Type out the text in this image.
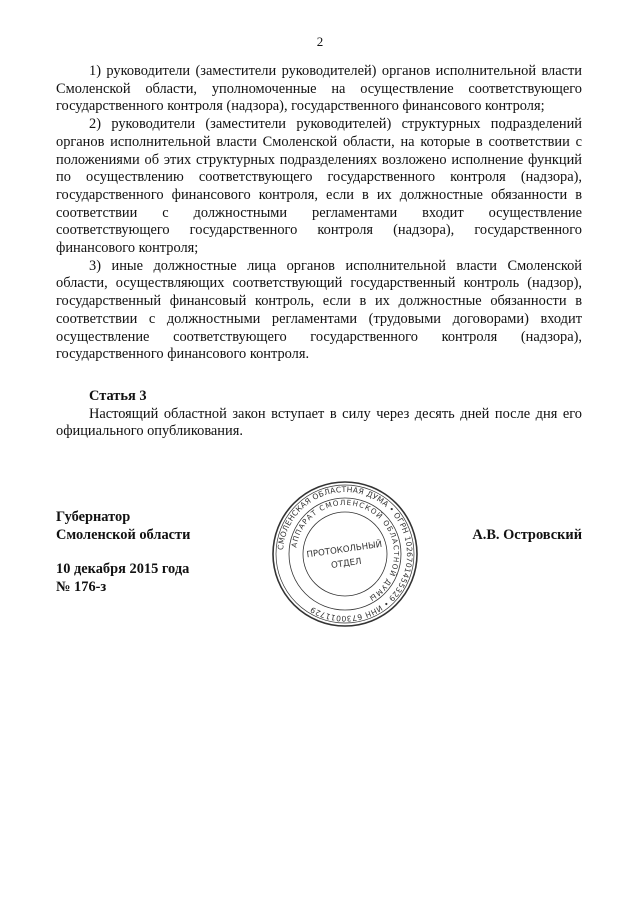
2

1) руководители (заместители руководителей) органов исполнительной власти Смоленской области, уполномоченные на осуществление соответствующего государственного контроля (надзора), государственного финансового контроля;

2) руководители (заместители руководителей) структурных подразделений органов исполнительной власти Смоленской области, на которые в соответствии с положениями об этих структурных подразделениях возложено исполнение функций по осуществлению соответствующего государственного контроля (надзора), государственного финансового контроля, если в их должностные обязанности в соответствии с должностными регламентами входит осуществление соответствующего государственного контроля (надзора), государственного финансового контроля;

3) иные должностные лица органов исполнительной власти Смоленской области, осуществляющих соответствующий государственный контроль (надзор), государственный финансовый контроль, если в их должностные обязанности в соответствии с должностными регламентами (трудовыми договорами) входит осуществление соответствующего государственного контроля (надзора), государственного финансового контроля.

Статья 3

Настоящий областной закон вступает в силу через десять дней после дня его официального опубликования.

Губернатор
Смоленской области
10 декабря 2015 года
№ 176-з
А.В. Островский
СМОЛЕНСКАЯ ОБЛАСТНАЯ ДУМА • ОГРН 1026701455329 • ИНН 6730011729
АППАРАТ СМОЛЕНСКОЙ ОБЛАСТНОЙ ДУМЫ
ПРОТОКОЛЬНЫЙ
ОТДЕЛ
